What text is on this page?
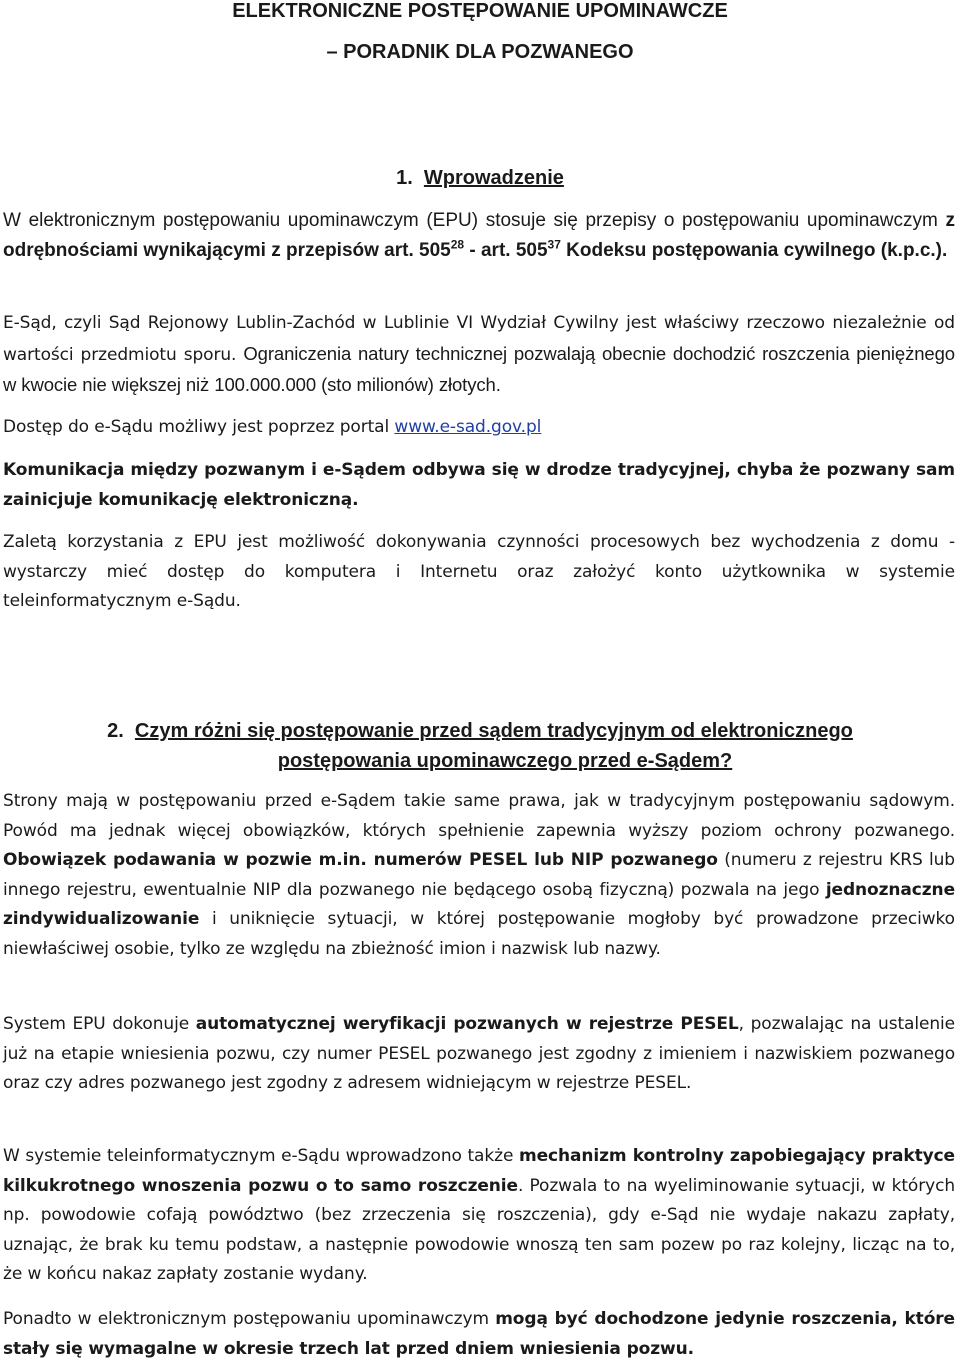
ELEKTRONICZNE POSTĘPOWANIE UPOMINAWCZE
– PORADNIK DLA POZWANEGO
1. Wprowadzenie

W elektronicznym postępowaniu upominawczym (EPU) stosuje się przepisy o postępowaniu upominawczym z odrębnościami wynikającymi z przepisów art. $505^{28}$ - art. $505^{37}$ Kodeksu postępowania cywilnego (k.p.c.).

E-Sąd, czyli Sąd Rejonowy Lublin-Zachód w Lublinie VI Wydział Cywilny jest właściwy rzeczowo niezależnie od wartości przedmiotu sporu. Ograniczenia natury technicznej pozwalają obecnie dochodzić roszczenia pieniężnego w kwocie nie większej niż 100.000.000 (sto milionów) złotych.

Dostęp do e-Sądu możliwy jest poprzez portal www.e-sad.gov.pl

Komunikacja między pozwanym i e-Sądem odbywa się w drodze tradycyjnej, chyba że pozwany sam zainicjuje komunikację elektroniczną.

Zaletą korzystania z EPU jest możliwość dokonywania czynności procesowych bez wychodzenia z domu - wystarczy mieć dostęp do komputera i Internetu oraz założyć konto użytkownika w systemie teleinformatycznym e-Sądu.

2. Czym różni się postępowanie przed sądem tradycyjnym od elektronicznego
postępowania upominawczego przed e-Sądem?

Strony mają w postępowaniu przed e-Sądem takie same prawa, jak w tradycyjnym postępowaniu sądowym. Powód ma jednak więcej obowiązków, których spełnienie zapewnia wyższy poziom ochrony pozwanego. Obowiązek podawania w pozwie m.in. numerów PESEL lub NIP pozwanego (numeru z rejestru KRS lub innego rejestru, ewentualnie NIP dla pozwanego nie będącego osobą fizyczną) pozwala na jego jednoznaczne zindywidualizowanie i uniknięcie sytuacji, w której postępowanie mogłoby być prowadzone przeciwko niewłaściwej osobie, tylko ze względu na zbieżność imion i nazwisk lub nazwy.

System EPU dokonuje automatycznej weryfikacji pozwanych w rejestrze PESEL, pozwalając na ustalenie już na etapie wniesienia pozwu, czy numer PESEL pozwanego jest zgodny z imieniem i nazwiskiem pozwanego oraz czy adres pozwanego jest zgodny z adresem widniejącym w rejestrze PESEL.

W systemie teleinformatycznym e-Sądu wprowadzono także mechanizm kontrolny zapobiegający praktyce kilkukrotnego wnoszenia pozwu o to samo roszczenie. Pozwala to na wyeliminowanie sytuacji, w których np. powodowie cofają powództwo (bez zrzeczenia się roszczenia), gdy e-Sąd nie wydaje nakazu zapłaty, uznając, że brak ku temu podstaw, a następnie powodowie wnoszą ten sam pozew po raz kolejny, licząc na to, że w końcu nakaz zapłaty zostanie wydany.

Ponadto w elektronicznym postępowaniu upominawczym mogą być dochodzone jedynie roszczenia, które stały się wymagalne w okresie trzech lat przed dniem wniesienia pozwu.
